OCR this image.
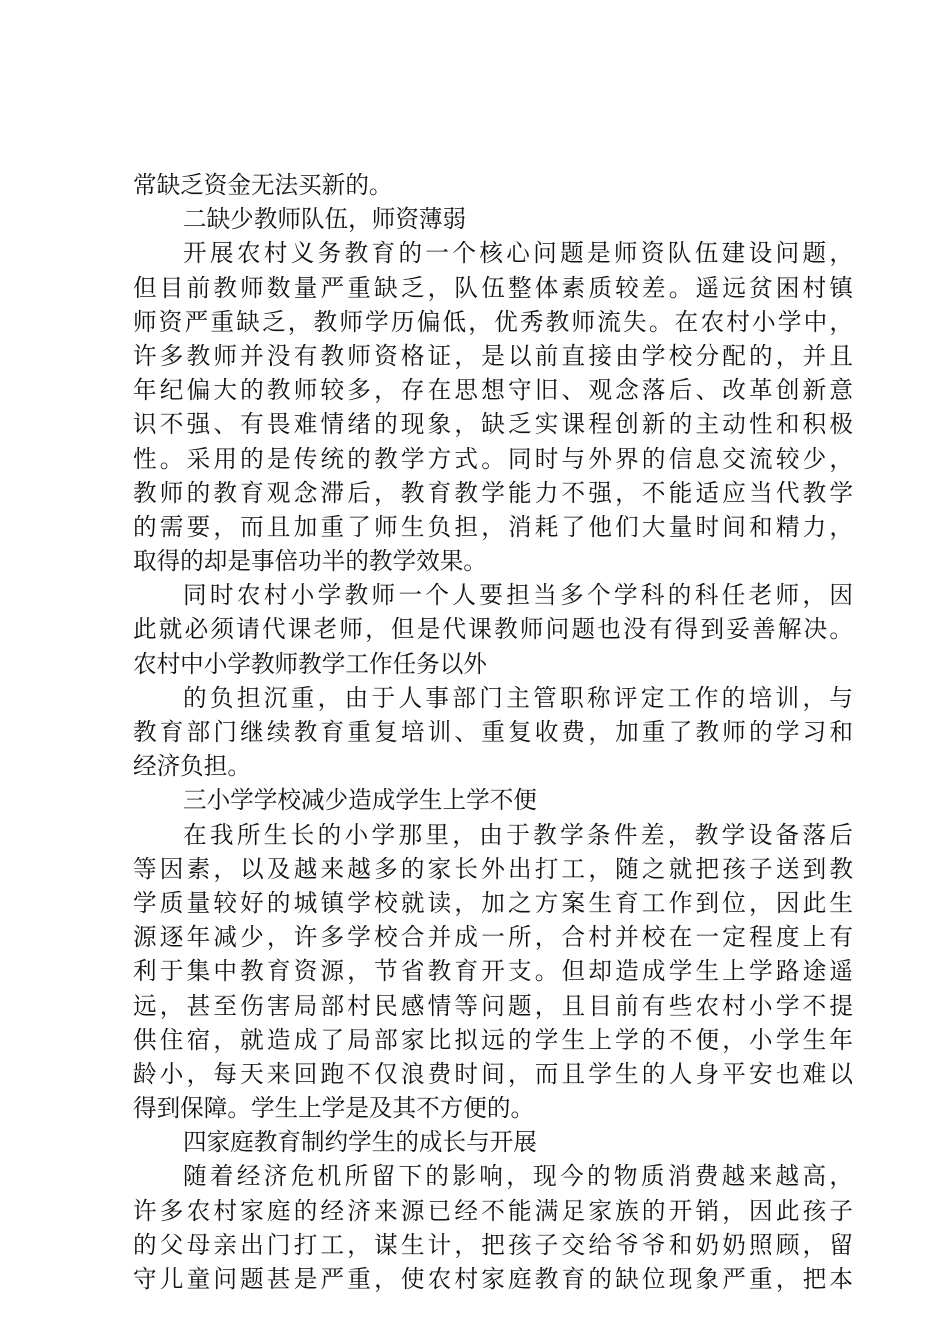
常缺乏资金无法买新的。
二缺少教师队伍，师资薄弱
开展农村义务教育的一个核心问题是师资队伍建设问题，
但目前教师数量严重缺乏，队伍整体素质较差。遥远贫困村镇
师资严重缺乏，教师学历偏低，优秀教师流失。在农村小学中，
许多教师并没有教师资格证，是以前直接由学校分配的，并且
年纪偏大的教师较多，存在思想守旧、观念落后、改革创新意
识不强、有畏难情绪的现象，缺乏实课程创新的主动性和积极
性。采用的是传统的教学方式。同时与外界的信息交流较少，
教师的教育观念滞后，教育教学能力不强，不能适应当代教学
的需要，而且加重了师生负担，消耗了他们大量时间和精力，
取得的却是事倍功半的教学效果。
同时农村小学教师一个人要担当多个学科的科任老师，因
此就必须请代课老师，但是代课教师问题也没有得到妥善解决。
农村中小学教师教学工作任务以外
的负担沉重，由于人事部门主管职称评定工作的培训，与
教育部门继续教育重复培训、重复收费，加重了教师的学习和
经济负担。
三小学学校减少造成学生上学不便
在我所生长的小学那里，由于教学条件差，教学设备落后
等因素，以及越来越多的家长外出打工，随之就把孩子送到教
学质量较好的城镇学校就读，加之方案生育工作到位，因此生
源逐年减少，许多学校合并成一所，合村并校在一定程度上有
利于集中教育资源，节省教育开支。但却造成学生上学路途遥
远，甚至伤害局部村民感情等问题，且目前有些农村小学不提
供住宿，就造成了局部家比拟远的学生上学的不便，小学生年
龄小，每天来回跑不仅浪费时间，而且学生的人身平安也难以
得到保障。学生上学是及其不方便的。
四家庭教育制约学生的成长与开展
随着经济危机所留下的影响，现今的物质消费越来越高，
许多农村家庭的经济来源已经不能满足家族的开销，因此孩子
的父母亲出门打工，谋生计，把孩子交给爷爷和奶奶照顾，留
守儿童问题甚是严重，使农村家庭教育的缺位现象严重，把本
